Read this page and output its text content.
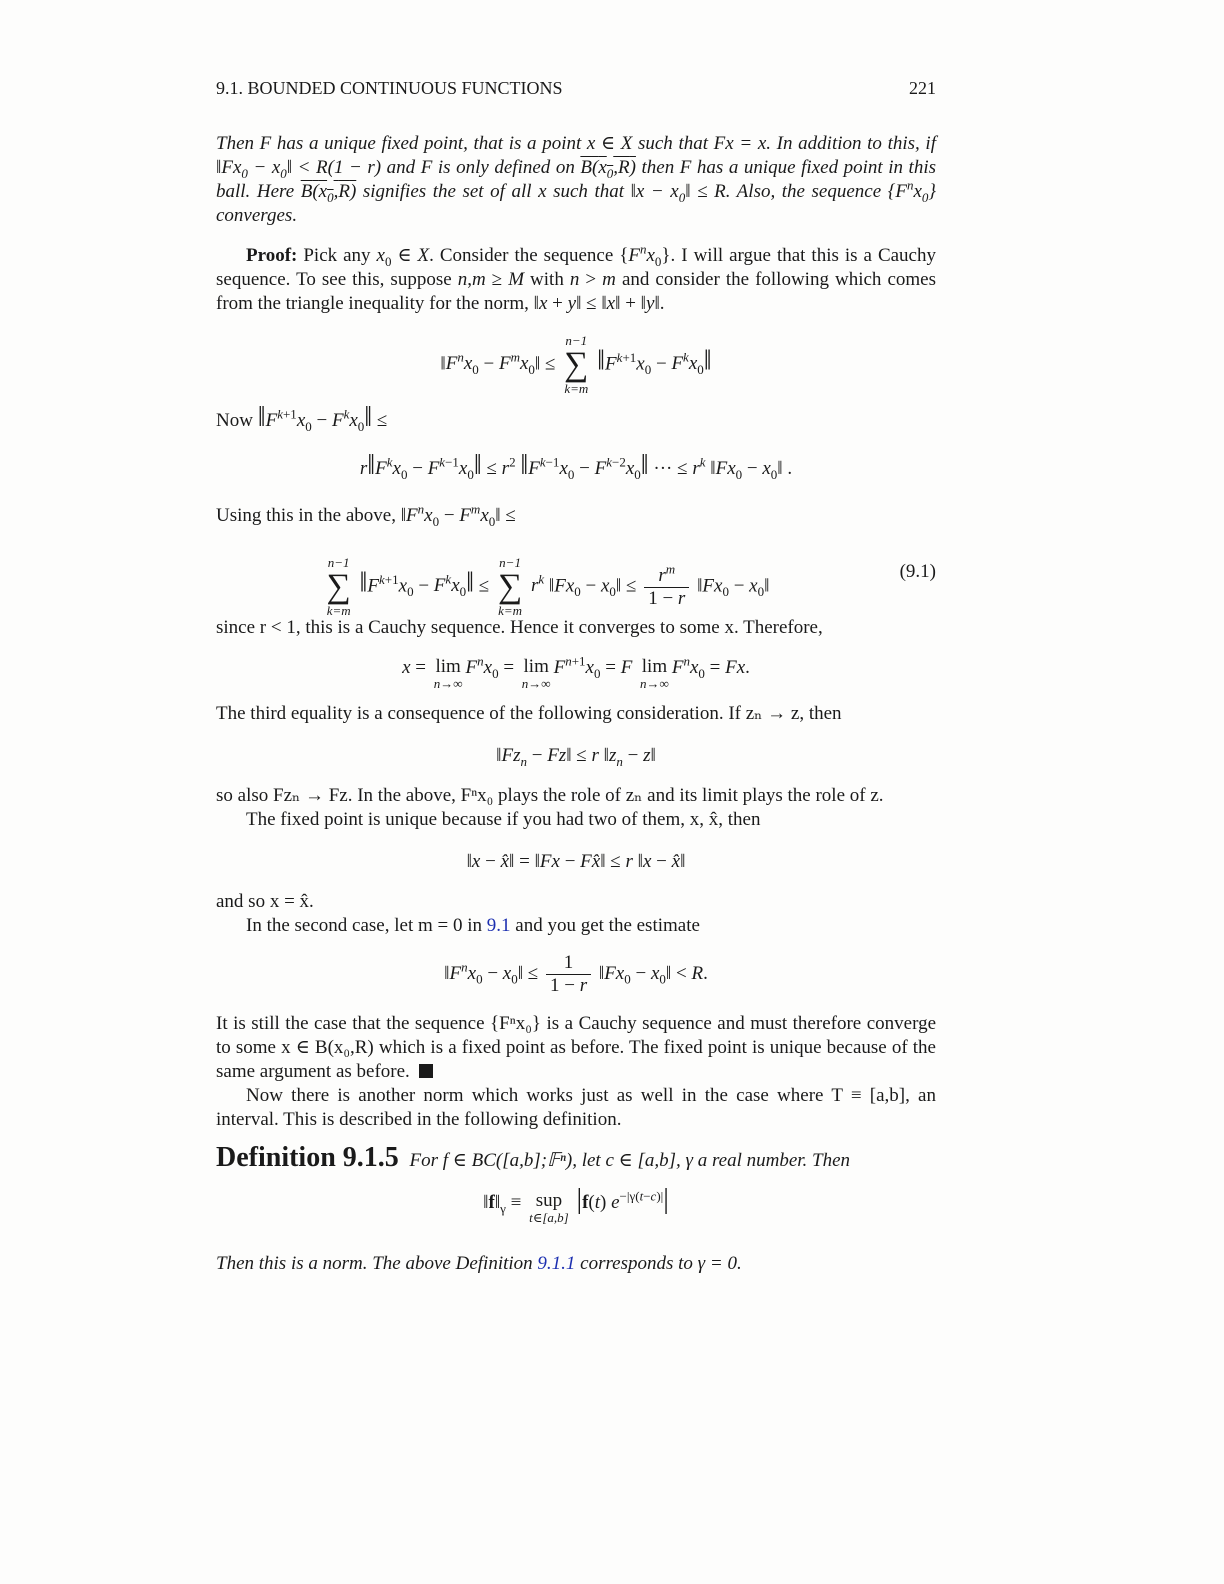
9.1. BOUNDED CONTINUOUS FUNCTIONS	221

Then F has a unique fixed point, that is a point x ∈ X such that Fx = x. In addition to this, if $‖Fx_0$ − $x_0‖ < R(1 - r)$ and F is only defined on $B(x_0,R)$ then F has a unique fixed point in this ball. Here $B(x_0,R)$ signifies the set of all x such that ‖x − $x_0‖ \le R$. Also, the sequence $\{F^nx_0\}$ converges.

Proof: Pick any $x_0$ ∈ X. Consider the sequence $\{F^nx_0\}$. I will argue that this is a Cauchy sequence. To see this, suppose n,m ≥ M with n > m and consider the following which comes from the triangle inequality for the norm, ‖x + y‖ ≤ ‖x‖ + ‖y‖.

$‖F^nx_0$ − $F^mx_0‖$ ≤
n−1
∑
k=m
$‖F^{k+1}x_0$ − $F^kx_0‖$
Now $‖F^{k+1}x_0$ − $F^kx_0‖$ ≤
$r‖F^kx_0$ − $F^{k-1}x_0‖ \le r^2$ $‖F^{k-1}x_0$ − $F^{k-2}x_0‖$ ··· ≤ $r^k$ $‖Fx_0$ − $x_0‖$ .
Using this in the above, $‖F^nx_0$ − $F^mx_0‖$ ≤
n−1
∑
k=m
$‖F^{k+1}x_0$ − $F^kx_0‖$ ≤
n−1
∑
k=m
$r^k$ $‖Fx_0$ − $x_0‖ \le \frac{r^m}{1 - r}$ $‖Fx_0$ − $x_0‖$
(9.1)

since r < 1, this is a Cauchy sequence. Hence it converges to some x. Therefore,

x = lim
n→∞
$F^nx_0 = \lim$
n→∞
$F^{n+1}x_0 = F$ lim
n→∞
$F^nx_0 = Fx$.

The third equality is a consequence of the following consideration. If zₙ → z, then

$‖Fz_n$ − Fz‖ ≤ r $‖z_n$ − z‖

so also Fzₙ → Fz. In the above, Fⁿx₀ plays the role of zₙ and its limit plays the role of z.

The fixed point is unique because if you had two of them, x, x̂, then

‖x − x̂‖ = ‖Fx − Fx̂‖ ≤ r ‖x − x̂‖

and so x = x̂.

In the second case, let m = 0 in 9.1 and you get the estimate

$‖F^nx_0$ − $x_0‖ \le \frac{1}{1 - r}$ $‖Fx_0$ − $x_0‖ < R$.

It is still the case that the sequence {Fⁿx₀} is a Cauchy sequence and must therefore converge to some x ∈ B(x₀,R) which is a fixed point as before. The fixed point is unique because of the same argument as before.

Now there is another norm which works just as well in the case where T ≡ [a,b], an interval. This is described in the following definition.

Definition 9.1.5 For f ∈ BC([a,b];𝔽ⁿ), let c ∈ [a,b], γ a real number. Then
$‖f‖_\gamma$ ≡ sup
t∈[a,b]
|f(t) $e^{-|\gamma(t-c)|}|$

Then this is a norm. The above Definition 9.1.1 corresponds to γ = 0.
